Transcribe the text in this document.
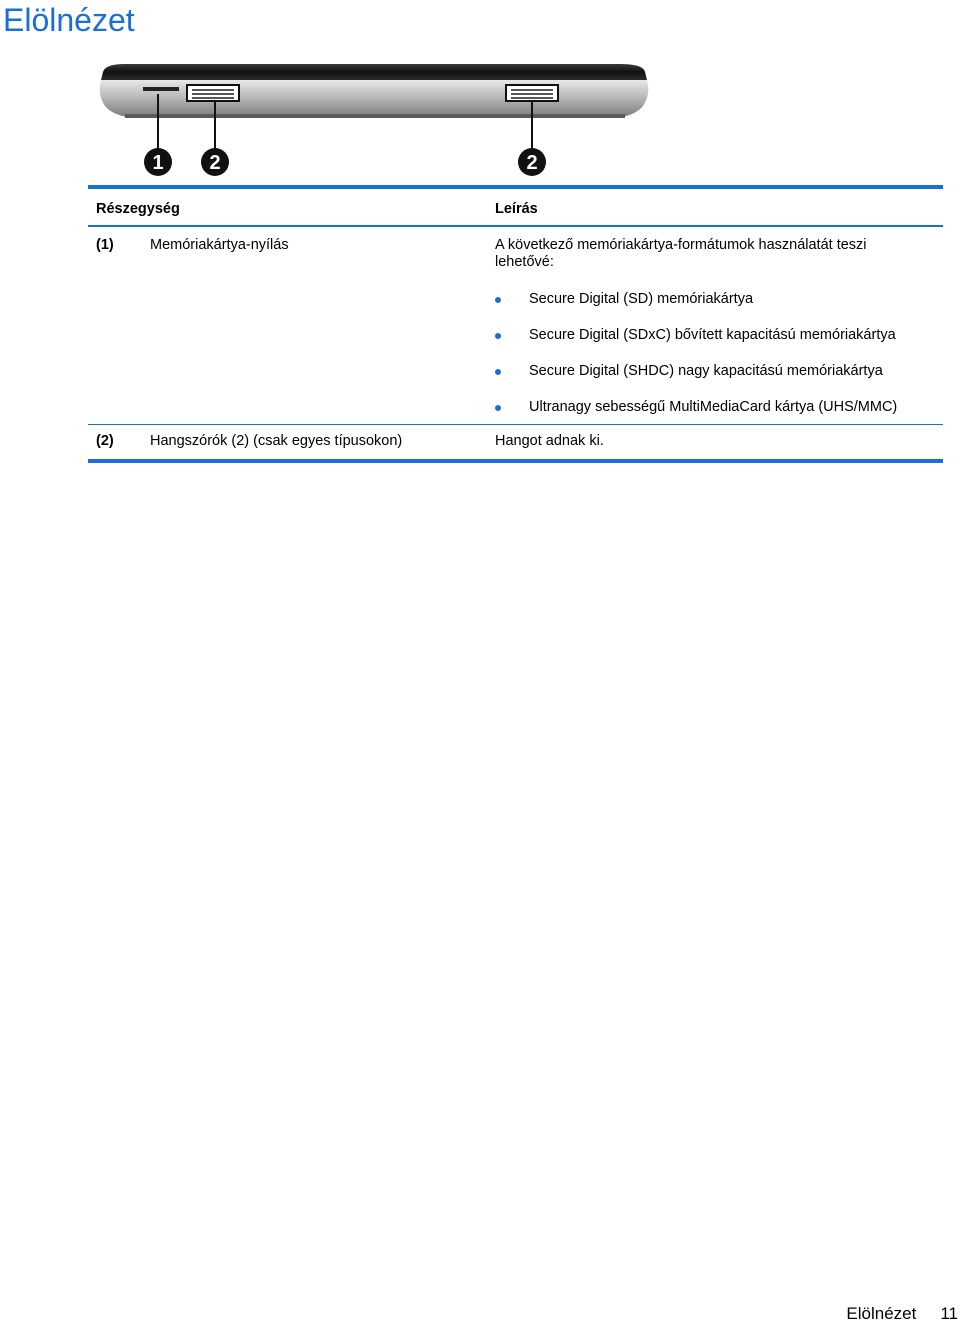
Elölnézet
1 2	2
Részegység	Leírás
(1)	Memóriakártya-nyílás	A következő memóriakártya-formátumok használatát teszi lehetővé:
Secure Digital (SD) memóriakártya
Secure Digital (SDxC) bővített kapacitású memóriakártya
Secure Digital (SHDC) nagy kapacitású memóriakártya
Ultranagy sebességű MultiMediaCard kártya (UHS/MMC)
(2)	Hangszórók (2) (csak egyes típusokon)	Hangot adnak ki.
Elölnézet 11
